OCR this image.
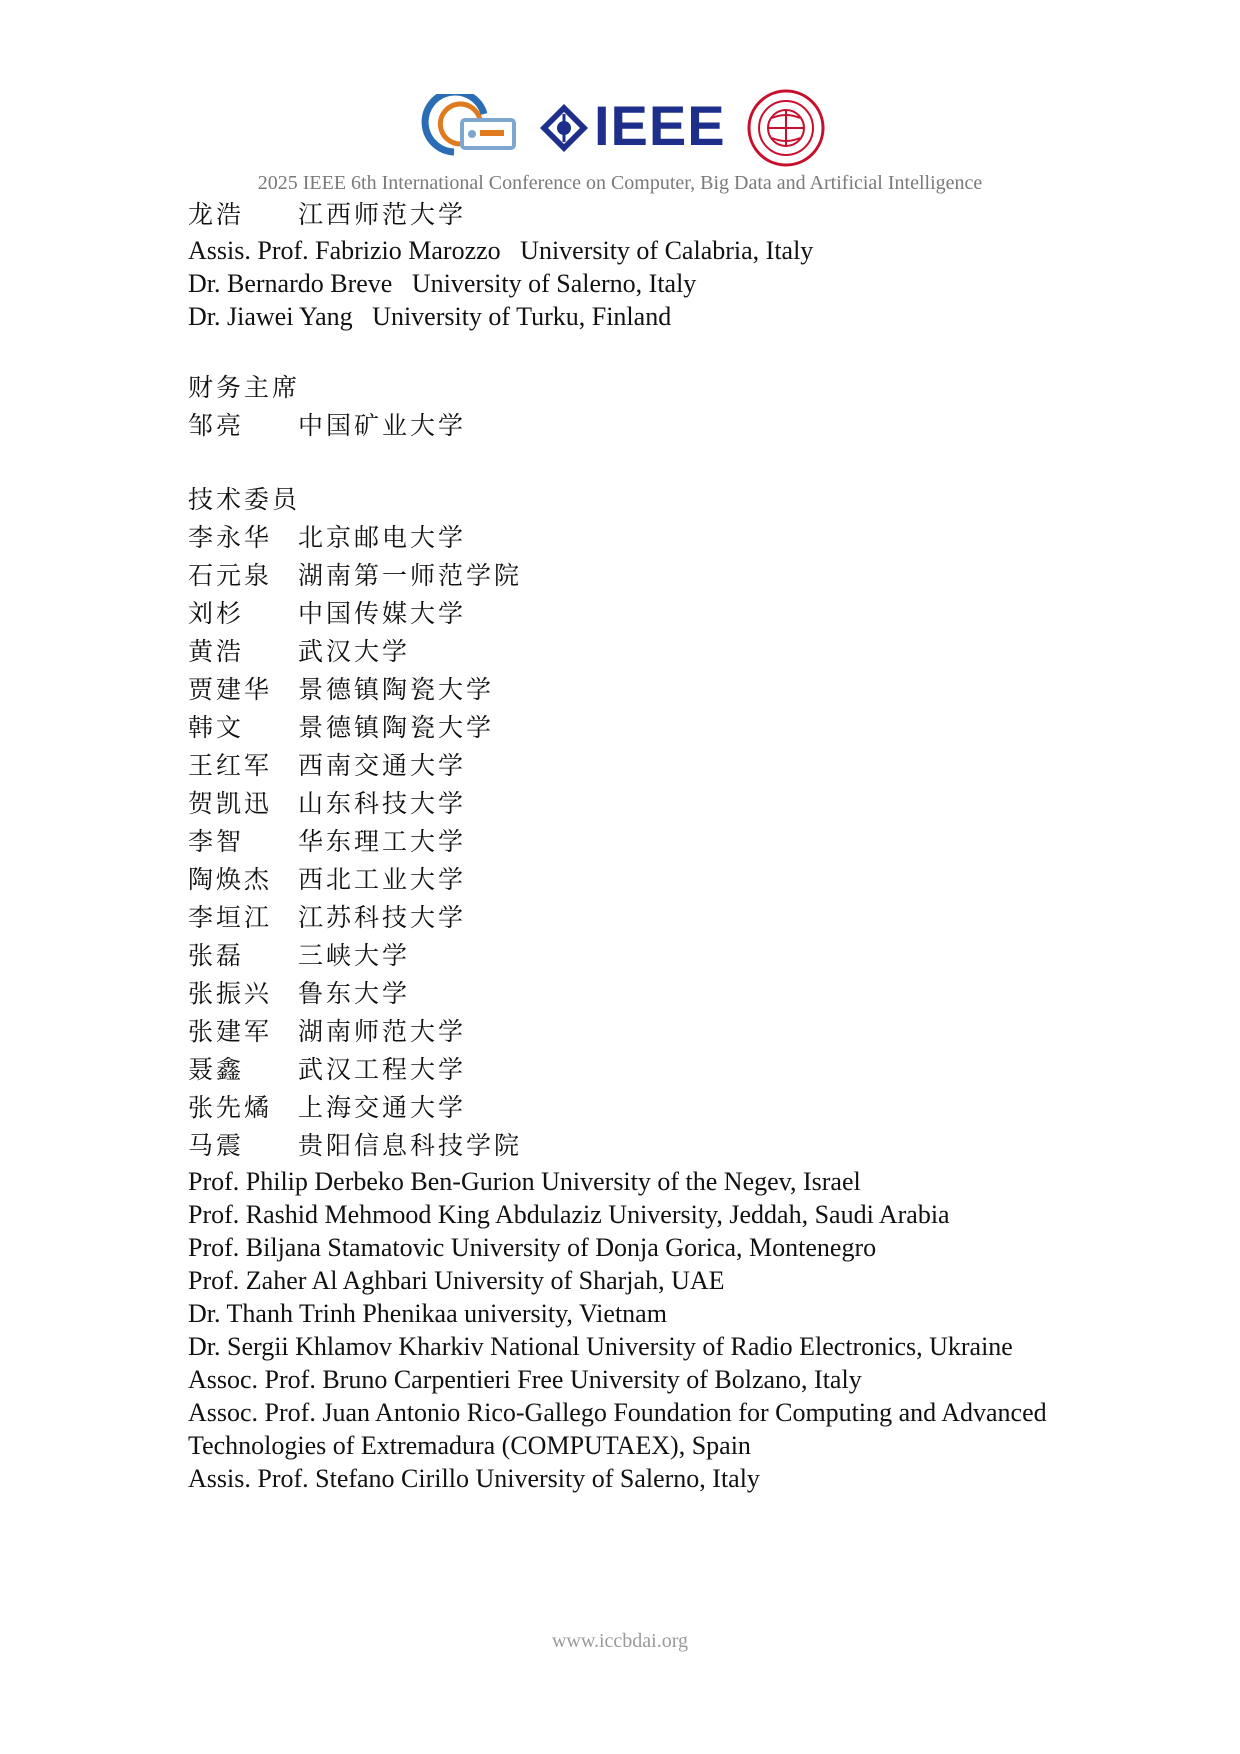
IEEE
2025 IEEE 6th International Conference on Computer, Big Data and Artificial Intelligence

龙浩 江西师范大学

Assis. Prof. Fabrizio Marozzo   University of Calabria, Italy

Dr. Bernardo Breve   University of Salerno, Italy

Dr. Jiawei Yang   University of Turku, Finland

财务主席

邹亮 中国矿业大学

技术委员

李永华 北京邮电大学

石元泉 湖南第一师范学院

刘杉 中国传媒大学

黄浩 武汉大学

贾建华 景德镇陶瓷大学

韩文 景德镇陶瓷大学

王红军 西南交通大学

贺凯迅 山东科技大学

李智 华东理工大学

陶焕杰 西北工业大学

李垣江 江苏科技大学

张磊 三峡大学

张振兴 鲁东大学

张建军 湖南师范大学

聂鑫 武汉工程大学

张先燏 上海交通大学

马震 贵阳信息科技学院

Prof. Philip Derbeko Ben-Gurion University of the Negev, Israel

Prof. Rashid Mehmood King Abdulaziz University, Jeddah, Saudi Arabia

Prof. Biljana Stamatovic University of Donja Gorica, Montenegro

Prof. Zaher Al Aghbari University of Sharjah, UAE

Dr. Thanh Trinh Phenikaa university, Vietnam

Dr. Sergii Khlamov Kharkiv National University of Radio Electronics, Ukraine

Assoc. Prof. Bruno Carpentieri Free University of Bolzano, Italy

Assoc. Prof. Juan Antonio Rico-Gallego Foundation for Computing and Advanced Technologies of Extremadura (COMPUTAEX), Spain

Assis. Prof. Stefano Cirillo University of Salerno, Italy

www.iccbdai.org
